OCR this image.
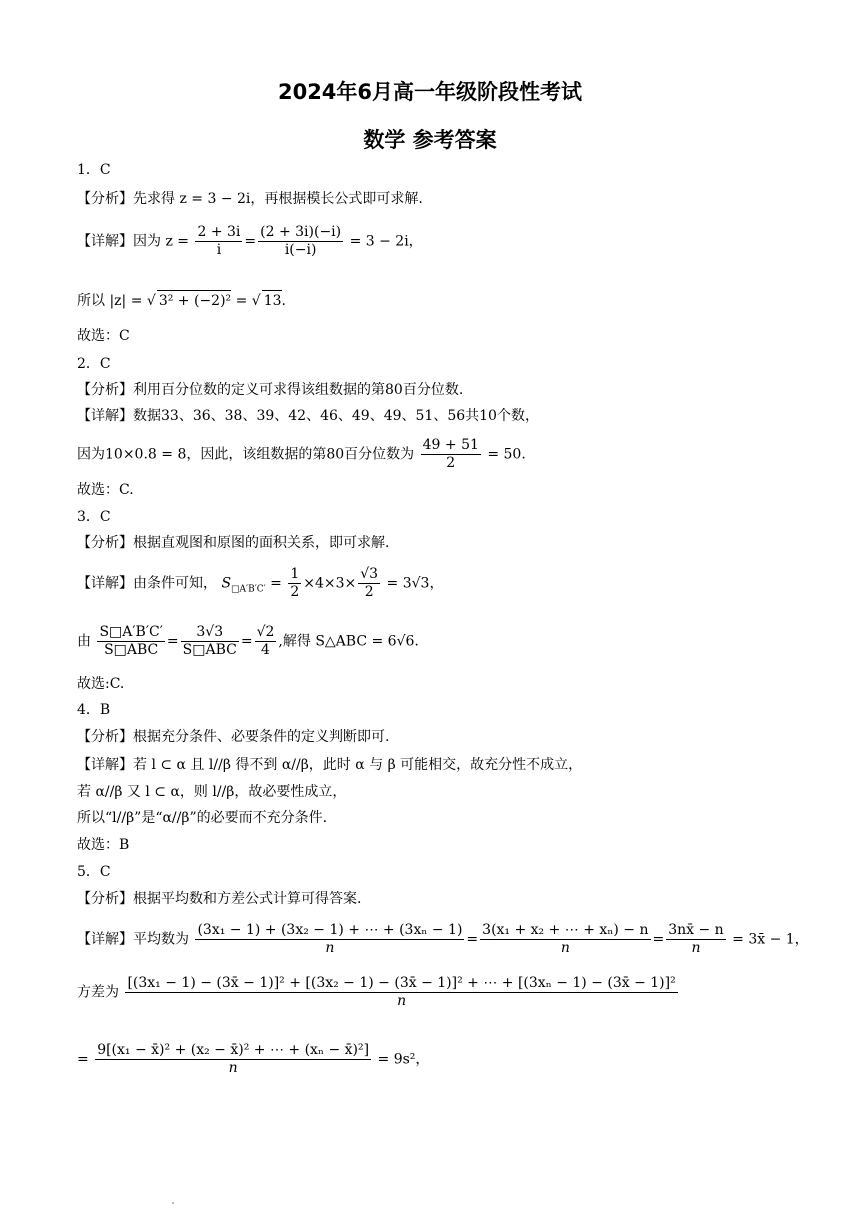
2024年6月高一年级阶段性考试
数学 参考答案
1．C
【分析】先求得 z = 3 − 2i，再根据模长公式即可求解.
【详解】因为 $z = \frac{2 + 3i}{i} = \frac{(2 + 3i)(-i)}{i(-i)} = 3 - 2i$，
所以 |z| = √ 3² + (−2)² = √ 13.
故选：C
2．C
【分析】利用百分位数的定义可求得该组数据的第80百分位数.
【详解】数据33、36、38、39、42、46、49、49、51、56共10个数，
因为10×0.8 = 8，因此，该组数据的第80百分位数为 $\frac{49 + 51}{2} = 50$.
故选：C.
3．C
【分析】根据直观图和原图的面积关系，即可求解.
【详解】由条件可知， $S_{□A'B'C'} = \frac{1}{2} \times 4\times 3\times \frac{√3}{2} = 3√3$，
由 $\frac{S□A'B'C'}{\text{S□ABC}} = \frac{3√3}{\text{S□ABC}} = \frac{√2}{4}$ ,解得 S△ABC = 6√6.
故选:C.
4．B
【分析】根据充分条件、必要条件的定义判断即可.
【详解】若 l ⊂ α 且 l//β 得不到 α//β，此时 α 与 β 可能相交，故充分性不成立，
若 α//β 又 l ⊂ α，则 l//β，故必要性成立，
所以“l//β”是“α//β”的必要而不充分条件.
故选：B
5．C
【分析】根据平均数和方差公式计算可得答案.
【详解】平均数为 $\frac{\text{(3x₁ − 1) + (3x₂ − 1) + ⋯ + (3xₙ − 1)}}{n} = \frac{\text{3(x₁ + x₂ + ⋯ + xₙ) − n}}{n} = \frac{3nx̄ - n}{n}$ = 3x̄ − 1，
方差为
[(3x₁ − 1) − (3x̄ − 1)]² + [(3x₂ − 1) − (3x̄ − 1)]² + ⋯ + [(3xₙ − 1) − (3x̄ − 1)]²
n
= $\frac{\text{9[(x₁ − x̄)² + (x₂ − x̄)² + ⋯ + (xₙ − x̄)²]}}{n} = 9s^2$，
